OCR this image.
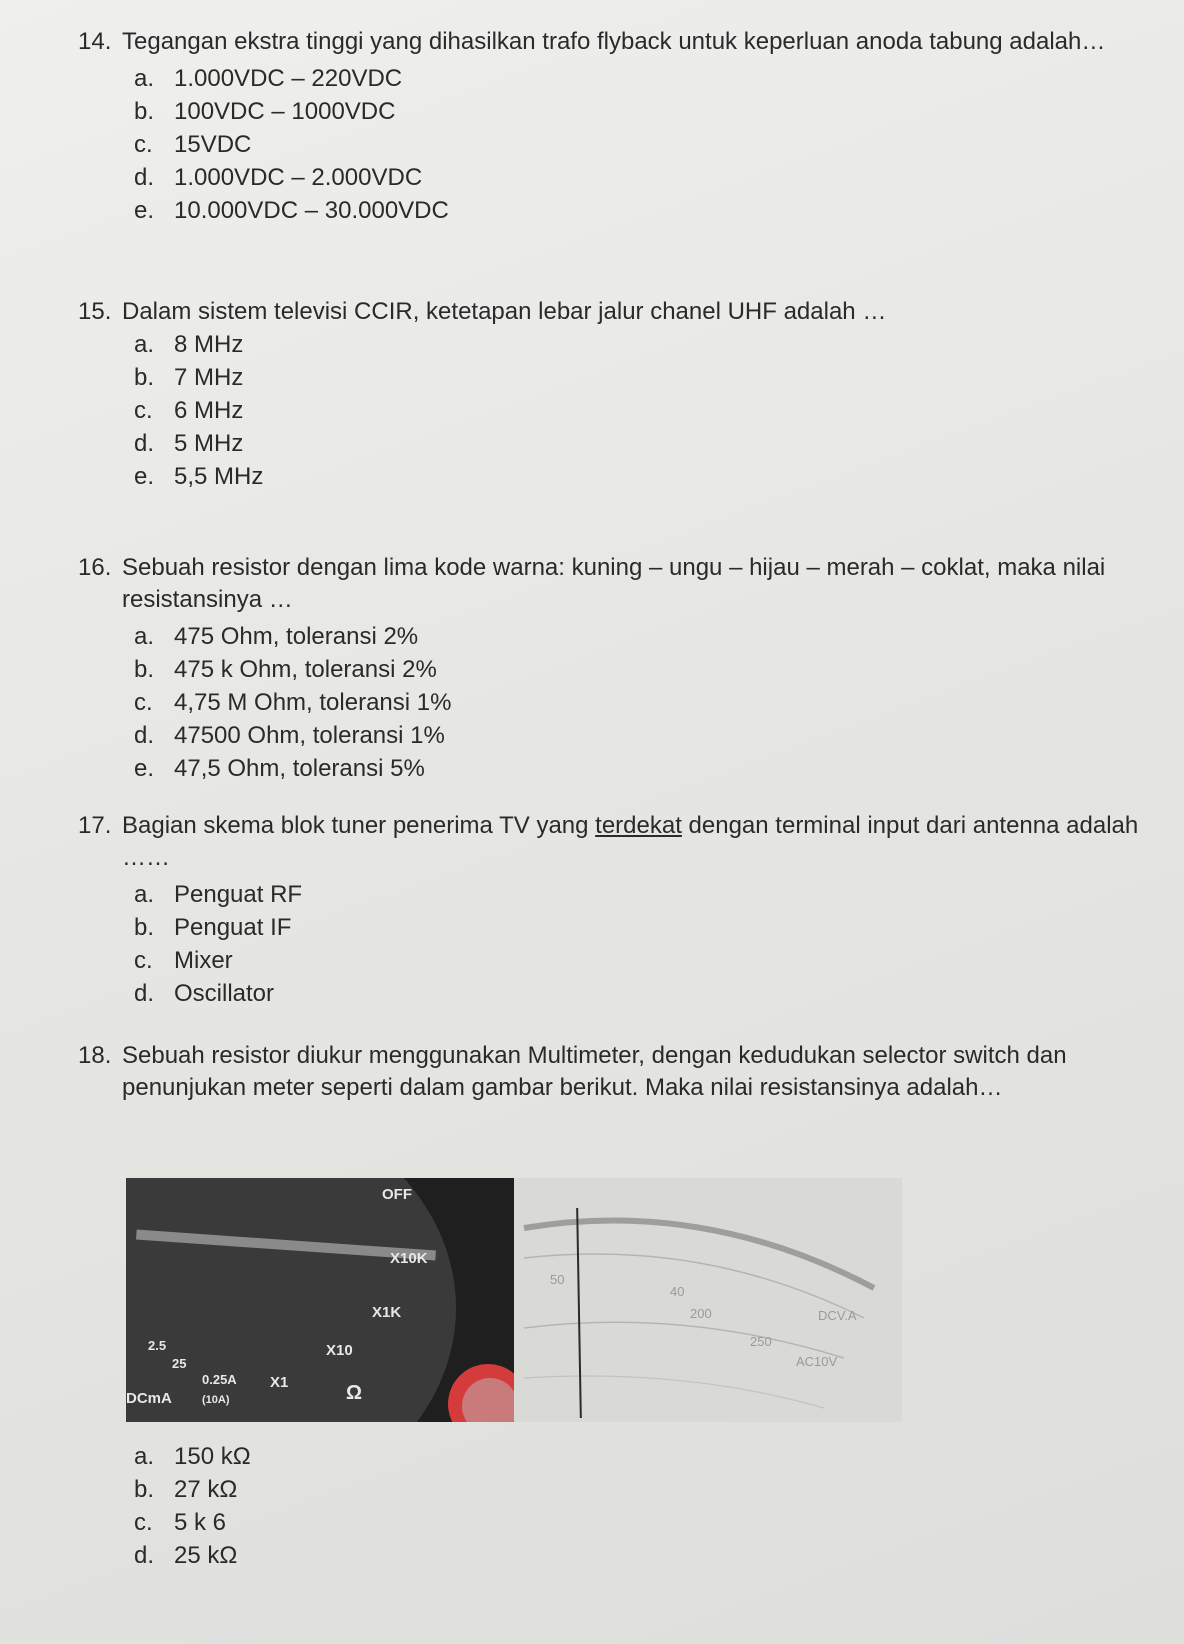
14. Tegangan ekstra tinggi yang dihasilkan trafo flyback untuk keperluan anoda tabung adalah…
a. 1.000VDC – 220VDC
b. 100VDC – 1000VDC
c. 15VDC
d. 1.000VDC – 2.000VDC
e. 10.000VDC – 30.000VDC
15. Dalam sistem televisi CCIR, ketetapan lebar jalur chanel UHF adalah …
a. 8 MHz
b. 7 MHz
c. 6 MHz
d. 5 MHz
e. 5,5 MHz
16. Sebuah resistor dengan lima kode warna: kuning – ungu – hijau – merah – coklat, maka nilai resistansinya …
a. 475 Ohm, toleransi 2%
b. 475 k Ohm, toleransi 2%
c. 4,75 M Ohm, toleransi 1%
d. 47500 Ohm, toleransi 1%
e. 47,5 Ohm, toleransi 5%
17. Bagian skema blok tuner penerima TV yang terdekat dengan terminal input dari antenna adalah ……
a. Penguat RF
b. Penguat IF
c. Mixer
d. Oscillator
18. Sebuah resistor diukur menggunakan Multimeter, dengan kedudukan selector switch dan penunjukan meter seperti dalam gambar berikut. Maka nilai resistansinya adalah…
OFF
X10K
X1K
X10
X1	Ω
DCmA
0.25A
(10A)
25
2.5
DCV.A
AC10V
50
40
200
250
a. 150 kΩ
b. 27 kΩ
c. 5 k 6
d. 25 kΩ
